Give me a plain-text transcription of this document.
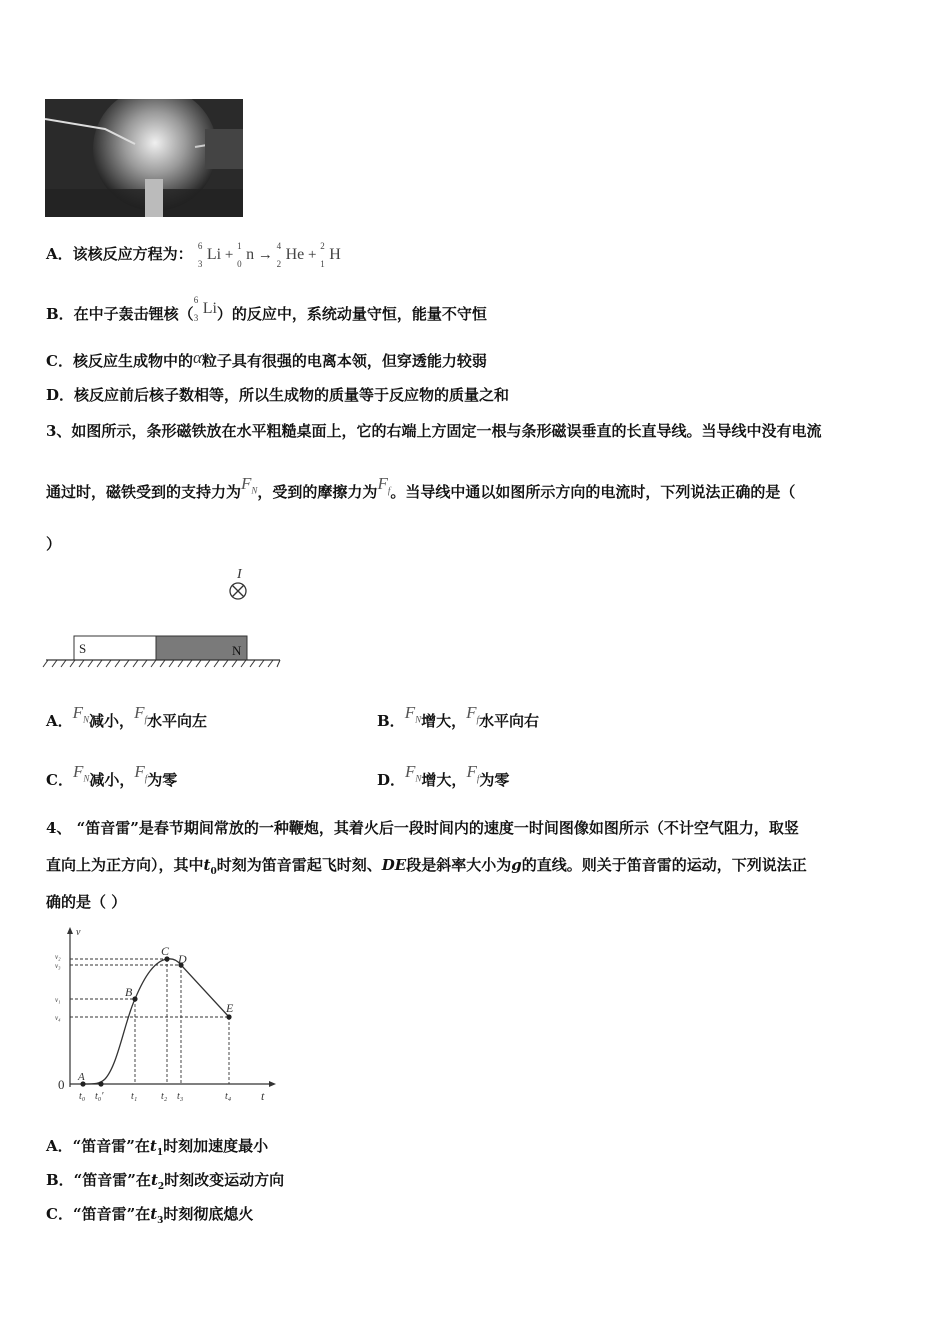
A．该核反应方程为： 6
3
Li +
1
0
n →
4
2
He +
2
1
H
B．在中子轰击锂核（
6
3
Li）的反应中，系统动量守恒，能量不守恒
C．核反应生成物中的α粒子具有很强的电离本领，但穿透能力较弱
D．核反应前后核子数相等，所以生成物的质量等于反应物的质量之和
3、如图所示，条形磁铁放在水平粗糙桌面上，它的右端上方固定一根与条形磁误垂直的长直导线。当导线中没有电流
通过时，磁铁受到的支持力为$F_N$，受到的摩擦力为$F_f$。当导线中通以如图所示方向的电流时，下列说法正确的是（
）
I
S	N
A．$F_N$减小，$F_f$水平向左	B．$F_N$增大，$F_f$水平向右
C．$F_N$减小，$F_f$为零	D．$F_N$增大，$F_f$为零
4、 “笛音雷”是春节期间常放的一种鞭炮，其着火后一段时间内的速度一时间图像如图所示（不计空气阻力，取竖
直向上为正方向），其中$t_0$时刻为笛音雷起飞时刻、DE段是斜率大小为g的直线。则关于笛音雷的运动，下列说法正
确的是（ ）
v
t
0 A
B
C
D
E
v₂
v₃
v₁
v₄
t₀ t₀′	t₁ t₂ t₃	t₄
A．“笛音雷”在$t_1$时刻加速度最小
B．“笛音雷”在$t_2$时刻改变运动方向
C．“笛音雷”在$t_3$时刻彻底熄火
